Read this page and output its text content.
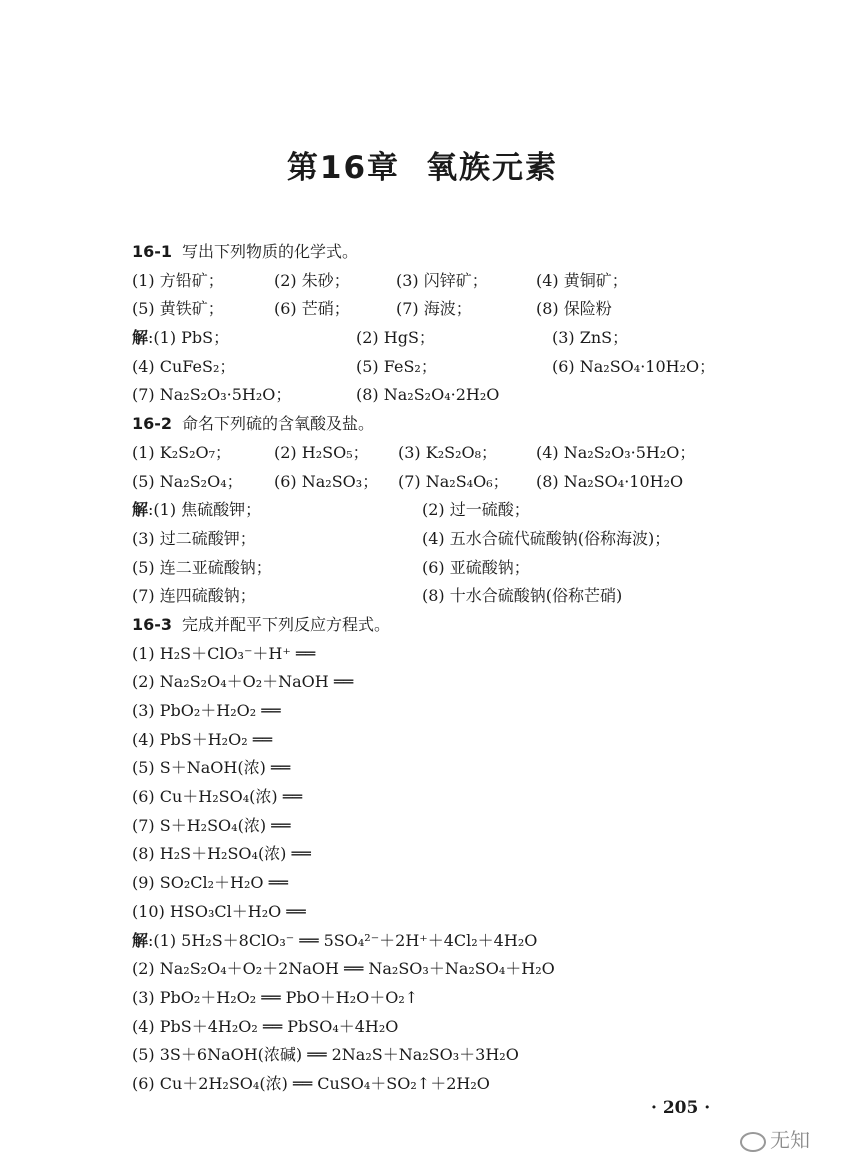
第16章 氧族元素
16-1 写出下列物质的化学式。
(1) 方铅矿；	(2) 朱砂；	(3) 闪锌矿；	(4) 黄铜矿；
(5) 黄铁矿；	(6) 芒硝；	(7) 海波；	(8) 保险粉
解:(1) PbS；	(2) HgS；	(3) ZnS；
(4) CuFeS₂；	(5) FeS₂；	(6) Na₂SO₄·10H₂O；
(7) Na₂S₂O₃·5H₂O；	(8) Na₂S₂O₄·2H₂O
16-2 命名下列硫的含氧酸及盐。
(1) K₂S₂O₇；	(2) H₂SO₅； (3) K₂S₂O₈； (4) Na₂S₂O₃·5H₂O；
(5) Na₂S₂O₄； (6) Na₂SO₃； (7) Na₂S₄O₆； (8) Na₂SO₄·10H₂O
解:(1) 焦硫酸钾；	(2) 过一硫酸；
(3) 过二硫酸钾；	(4) 五水合硫代硫酸钠(俗称海波)；
(5) 连二亚硫酸钠；	(6) 亚硫酸钠；
(7) 连四硫酸钠；	(8) 十水合硫酸钠(俗称芒硝)
16-3 完成并配平下列反应方程式。
(1) H₂S＋ClO₃⁻＋H⁺ ══
(2) Na₂S₂O₄＋O₂＋NaOH ══
(3) PbO₂＋H₂O₂ ══
(4) PbS＋H₂O₂ ══
(5) S＋NaOH(浓) ══
(6) Cu＋H₂SO₄(浓) ══
(7) S＋H₂SO₄(浓) ══
(8) H₂S＋H₂SO₄(浓) ══
(9) SO₂Cl₂＋H₂O ══
(10) HSO₃Cl＋H₂O ══
解:(1) 5H₂S＋8ClO₃⁻ ══ 5SO₄²⁻＋2H⁺＋4Cl₂＋4H₂O
(2) Na₂S₂O₄＋O₂＋2NaOH ══ Na₂SO₃＋Na₂SO₄＋H₂O
(3) PbO₂＋H₂O₂ ══ PbO＋H₂O＋O₂↑
(4) PbS＋4H₂O₂ ══ PbSO₄＋4H₂O
(5) 3S＋6NaOH(浓碱) ══ 2Na₂S＋Na₂SO₃＋3H₂O
(6) Cu＋2H₂SO₄(浓) ══ CuSO₄＋SO₂↑＋2H₂O
· 205 ·
无知
